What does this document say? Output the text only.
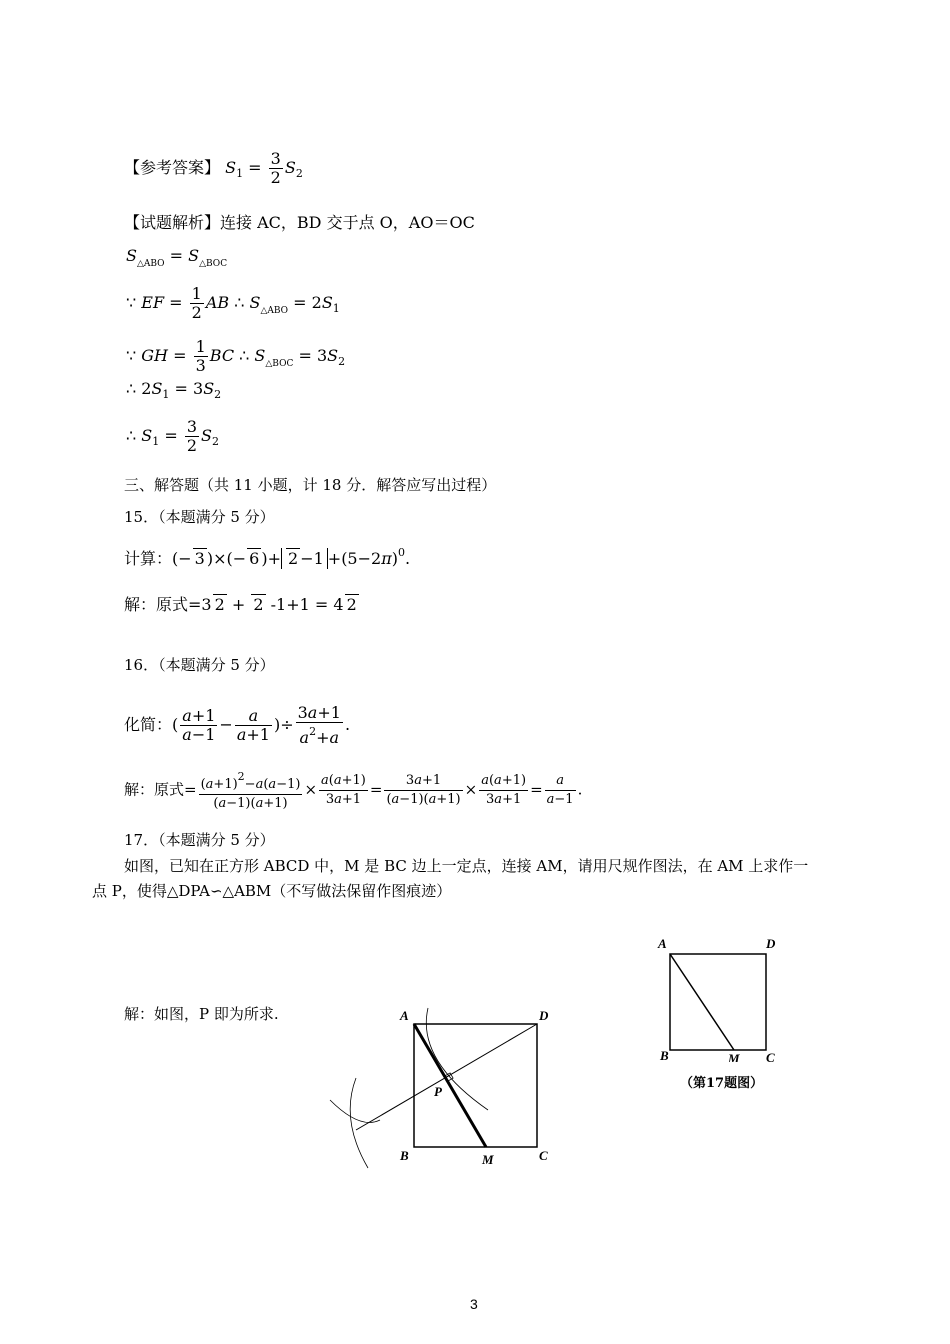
【参考答案】 $S_1 = \frac{3}{2} S_2$
【试题解析】连接 AC，BD 交于点 O，AO＝OC
$S_{\triangle ABO} = S_{\triangle BOC}$
∵ EF = $\frac{1}{2}$ AB ∴ $S_{\triangle ABO} = 2S_1$
∵ GH = $\frac{1}{3}$ BC ∴ $S_{\triangle BOC} = 3S_2$
∴ $2S_1 = 3S_2$
∴ $S_1 = \frac{3}{2} S_2$
三、解答题（共 11 小题，计 18 分．解答应写出过程）
15．（本题满分 5 分）
计算：(− 3 )×(− 6 )+ $2 -1 +(5-2\pi)^0$.
解：原式=3 2 + 2 -1+1 = 4 2
16．（本题满分 5 分）
化简：( $\frac{a+1}{a-1} - \frac{a}{a+1}$ )÷ $\frac{3a+1}{a^2+a}$ .
解：原式= $\frac{(a+1)^2-a(a-1)}{(a-1)(a+1)} \times \frac{a(a+1)}{3a+1} = \frac{3a+1}{(a-1)(a+1)} \times \frac{a(a+1)}{3a+1} = \frac{a}{a-1}$ .
17．（本题满分 5 分）
如图，已知在正方形 ABCD 中，M 是 BC 边上一定点，连接 AM，请用尺规作图法，在 AM 上求作一
点 P，使得△DPA∽△ABM（不写做法保留作图痕迹）
解：如图，P 即为所求.	A	D
B	C
M
P
A	D
B	C
M
（第17题图）
3
